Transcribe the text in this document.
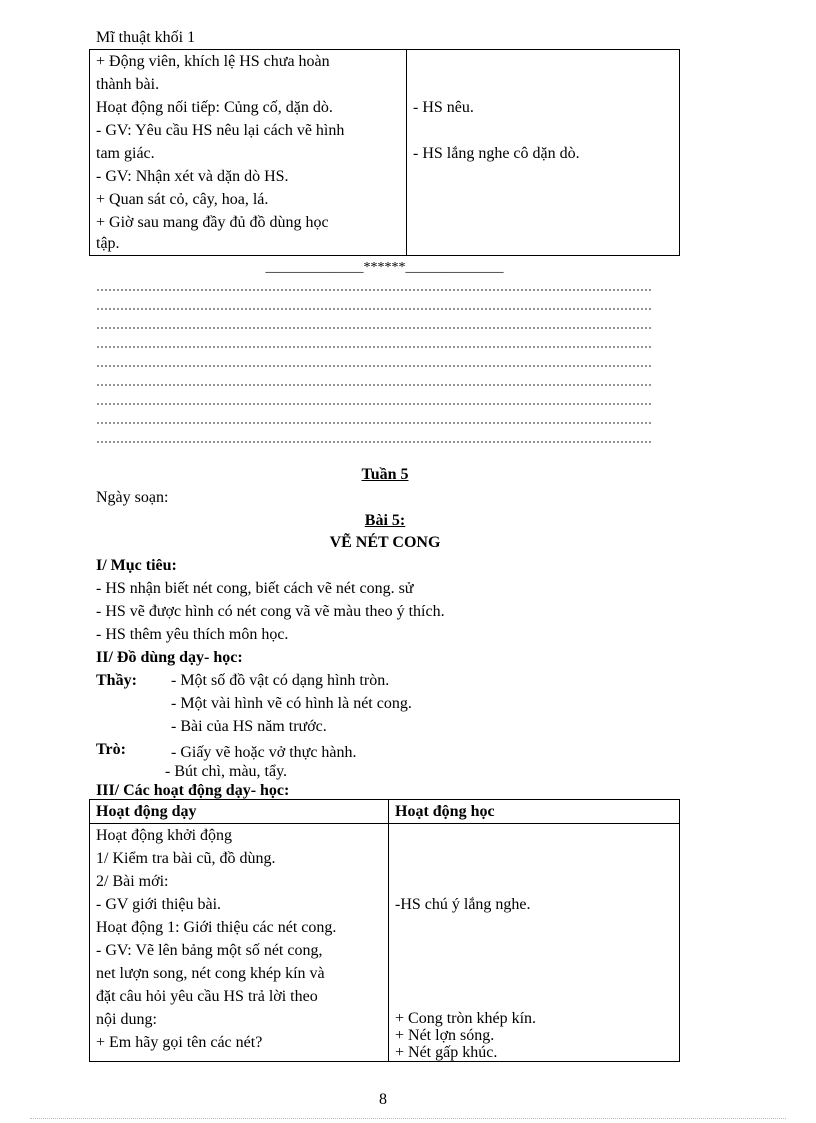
Mĩ thuật khối 1
+ Động viên, khích lệ HS chưa hoàn
thành bài.
Hoạt động nối tiếp: Củng cố, dặn dò.
- GV: Yêu cầu HS nêu lại cách vẽ hình
tam giác.
- GV: Nhận xét và dặn dò HS.
+ Quan sát cỏ, cây, hoa, lá.
+ Giờ sau mang đầy đủ đồ dùng học
tập.
- HS nêu.
- HS lắng nghe cô dặn dò.
______________******______________
Tuần 5
Ngày soạn:
Bài 5:
VẼ NÉT CONG
I/ Mục tiêu:
- HS nhận biết nét cong, biết cách vẽ nét cong. sử
- HS vẽ được hình có nét cong vã vẽ màu theo ý thích.
- HS thêm yêu thích môn học.
II/ Đồ dùng dạy- học:
Thầy: - Một số đồ vật có dạng hình tròn.
- Một vài hình vẽ có hình là nét cong.
- Bài của HS năm trước.
Trò:	- Giấy vẽ hoặc vở thực hành.
- Bút chì, màu, tẩy.
III/ Các hoạt động dạy- học:
Hoạt động dạy	Hoạt động học
Hoạt động khởi động
1/ Kiểm tra bài cũ, đồ dùng.
2/ Bài mới:
- GV giới thiệu bài.
Hoạt động 1: Giới thiệu các nét cong.
- GV: Vẽ lên bảng một số nét cong,
net lượn song, nét cong khép kín và
đặt câu hỏi yêu cầu HS trả lời theo
nội dung:
+ Em hãy gọi tên các nét?
-HS chú ý lắng nghe.
+ Cong tròn khép kín.
+ Nét lợn sóng.
+ Nét gấp khúc.
8
